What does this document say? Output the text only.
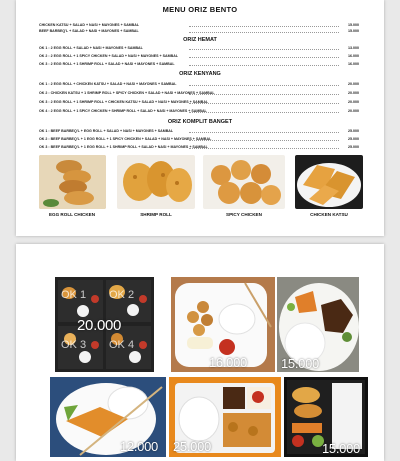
MENU ORIZ BENTO
CHICKEN KATSU + SALAD + NASI + MAYONES + SAMBAL	15.000
BEEF BARBEQ'L + SALAD + NASI + MAYONES + SAMBAL	15.000
ORIZ HEMAT
OK 1 : 2 EGG ROLL + SALAD + NASI + MAYONES + SAMBAL	13.000
OK 2 : 2 EGG ROLL + 1 SPICY CHICKEN + SALAD + NASI + MAYONES + SAMBAL	16.000
OK 3 : 2 EGG ROLL + 1 SHRIMP ROLL + SALAD + NASI + MAYONES + SAMBAL	16.000
ORIZ KENYANG
OK 1 : 2 EGG ROLL + CHICKEN KATSU + SALAD + NASI + MAYONES + SAMBAL	20.000
OK 2 : CHICKEN KATSU + 1 SHRIMP ROLL + SPICY CHICKEN + SALAD + NASI + MAYONES + SAMBAL	20.000
OK 3 : 2 EGG ROLL + 1 SHRIMP ROLL + CHICKEN KATSU + SALAD + NASI + MAYONES + SAMBAL	20.000
OK 4 : 2 EGG ROLL + 1 SPICY CHICKEN + SHRIMP ROLL + SALAD + NASI + MAYONES + SAMBAL	20.000
ORIZ KOMPLIT BANGET
OK 1 : BEEF BARBEQ'L + EGG ROLL + SALAD + NASI + MAYONES + SAMBAL	25.000
OK 2 : BEEF BARBEQ'L + 1 EGG ROLL + 1 SPICY CHICKEN + SALAD + NASI + MAYONES + SAMBAL	25.000
OK 3 : BEEF BARBEQ'L + 1 EGG ROLL + 1 SHRIMP ROLL + SALAD + NASI + MAYONES + SAMBAL	25.000
EGG ROLL CHICKEN	SHRIMP ROLL	SPICY CHICKEN	CHICKEN KATSU
OK 1 OK 2
OK 3 OK 4
20.000
16.000	15.000
12.000 25.000	15.000
